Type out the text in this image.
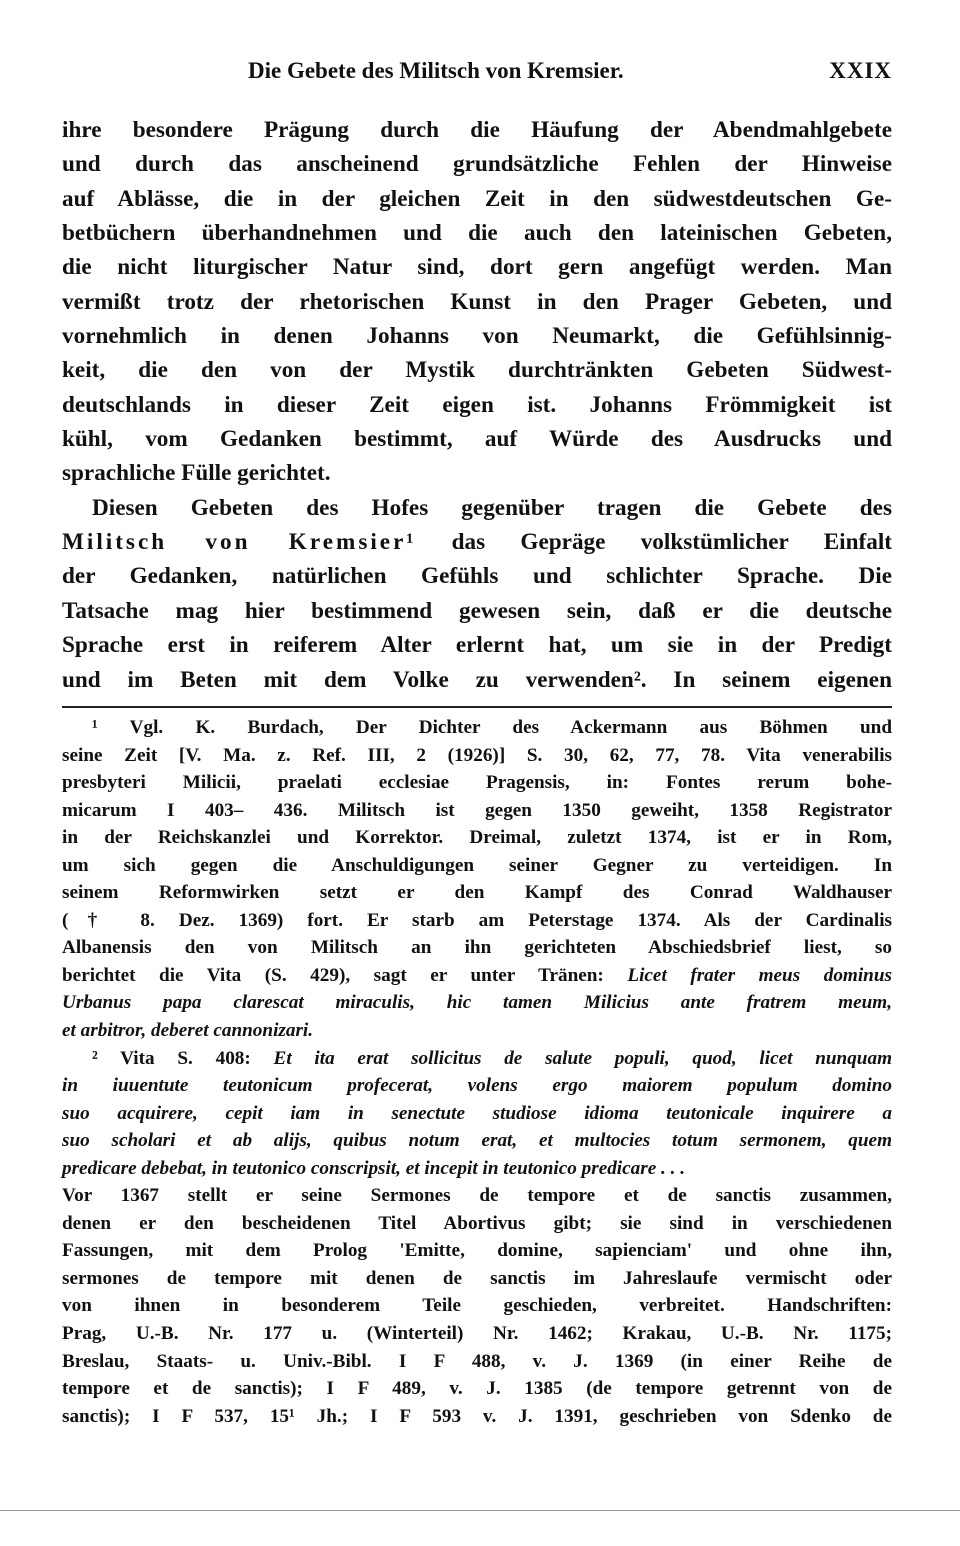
Die Gebete des Militsch von Kremsier.	XXIX
ihre besondere Prägung durch die Häufung der Abendmahlgebete
und durch das anscheinend grundsätzliche Fehlen der Hinweise
auf Ablässe, die in der gleichen Zeit in den südwestdeutschen Ge-
betbüchern überhandnehmen und die auch den lateinischen Gebeten,
die nicht liturgischer Natur sind, dort gern angefügt werden. Man
vermißt trotz der rhetorischen Kunst in den Prager Gebeten, und
vornehmlich in denen Johanns von Neumarkt, die Gefühlsinnig-
keit, die den von der Mystik durchtränkten Gebeten Südwest-
deutschlands in dieser Zeit eigen ist. Johanns Frömmigkeit ist
kühl, vom Gedanken bestimmt, auf Würde des Ausdrucks und
sprachliche Fülle gerichtet.
Diesen Gebeten des Hofes gegenüber tragen die Gebete des
Militsch von Kremsier¹ das Gepräge volkstümlicher Einfalt
der Gedanken, natürlichen Gefühls und schlichter Sprache. Die
Tatsache mag hier bestimmend gewesen sein, daß er die deutsche
Sprache erst in reiferem Alter erlernt hat, um sie in der Predigt
und im Beten mit dem Volke zu verwenden². In seinem eigenen
¹ Vgl. K. Burdach, Der Dichter des Ackermann aus Böhmen und
seine Zeit [V. Ma. z. Ref. III, 2 (1926)] S. 30, 62, 77, 78. Vita venerabilis
presbyteri Milicii, praelati ecclesiae Pragensis, in: Fontes rerum bohe-
micarum I 403– 436. Militsch ist gegen 1350 geweiht, 1358 Registrator
in der Reichskanzlei und Korrektor. Dreimal, zuletzt 1374, ist er in Rom,
um sich gegen die Anschuldigungen seiner Gegner zu verteidigen. In
seinem Reformwirken setzt er den Kampf des Conrad Waldhauser
(† 8. Dez. 1369) fort. Er starb am Peterstage 1374. Als der Cardinalis
Albanensis den von Militsch an ihn gerichteten Abschiedsbrief liest, so
berichtet die Vita (S. 429), sagt er unter Tränen: Licet frater meus dominus
Urbanus papa clarescat miraculis, hic tamen Milicius ante fratrem meum,
et arbitror, deberet cannonizari.
² Vita S. 408: Et ita erat sollicitus de salute populi, quod, licet nunquam
in iuuentute teutonicum profecerat, volens ergo maiorem populum domino
suo acquirere, cepit iam in senectute studiose idioma teutonicale inquirere a
suo scholari et ab alijs, quibus notum erat, et multocies totum sermonem, quem
predicare debebat, in teutonico conscripsit, et incepit in teutonico predicare . . .
Vor 1367 stellt er seine Sermones de tempore et de sanctis zusammen,
denen er den bescheidenen Titel Abortivus gibt; sie sind in verschiedenen
Fassungen, mit dem Prolog 'Emitte, domine, sapienciam' und ohne ihn,
sermones de tempore mit denen de sanctis im Jahreslaufe vermischt oder
von ihnen in besonderem Teile geschieden, verbreitet. Handschriften:
Prag, U.-B. Nr. 177 u. (Winterteil) Nr. 1462; Krakau, U.-B. Nr. 1175;
Breslau, Staats- u. Univ.-Bibl. I F 488, v. J. 1369 (in einer Reihe de
tempore et de sanctis); I F 489, v. J. 1385 (de tempore getrennt von de
sanctis); I F 537, 15¹ Jh.; I F 593 v. J. 1391, geschrieben von Sdenko de
